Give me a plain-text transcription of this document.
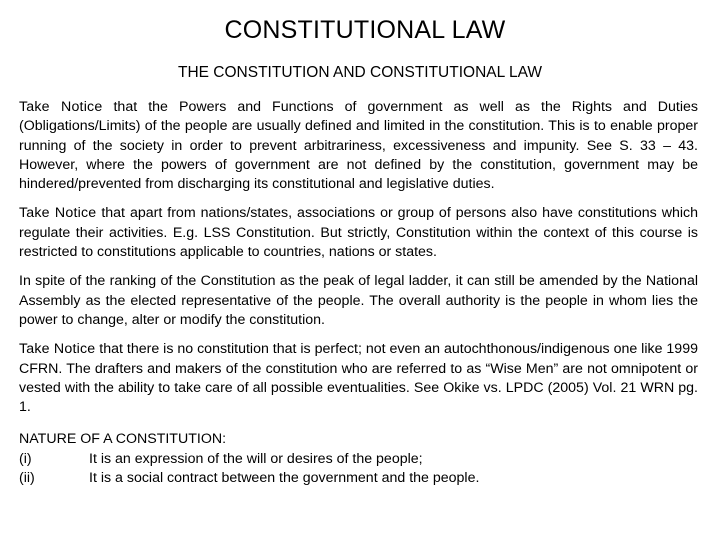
CONSTITUTIONAL LAW
THE CONSTITUTION AND CONSTITUTIONAL LAW

Take Notice that the Powers and Functions of government as well as the Rights and Duties (Obligations/Limits) of the people are usually defined and limited in the constitution. This is to enable proper running of the society in order to prevent arbitrariness, excessiveness and impunity. See S. 33 – 43. However, where the powers of government are not defined by the constitution, government may be hindered/prevented from discharging its constitutional and legislative duties.

Take Notice that apart from nations/states, associations or group of persons also have constitutions which regulate their activities. E.g. LSS Constitution. But strictly, Constitution within the context of this course is restricted to constitutions applicable to countries, nations or states.

In spite of the ranking of the Constitution as the peak of legal ladder, it can still be amended by the National Assembly as the elected representative of the people. The overall authority is the people in whom lies the power to change, alter or modify the constitution.

Take Notice that there is no constitution that is perfect; not even an autochthonous/indigenous one like 1999 CFRN. The drafters and makers of the constitution who are referred to as “Wise Men” are not omnipotent or vested with the ability to take care of all possible eventualities. See Okike vs. LPDC (2005) Vol. 21 WRN pg. 1.

NATURE OF A CONSTITUTION:
(i)	It is an expression of the will or desires of the people;
(ii)	It is a social contract between the government and the people.
